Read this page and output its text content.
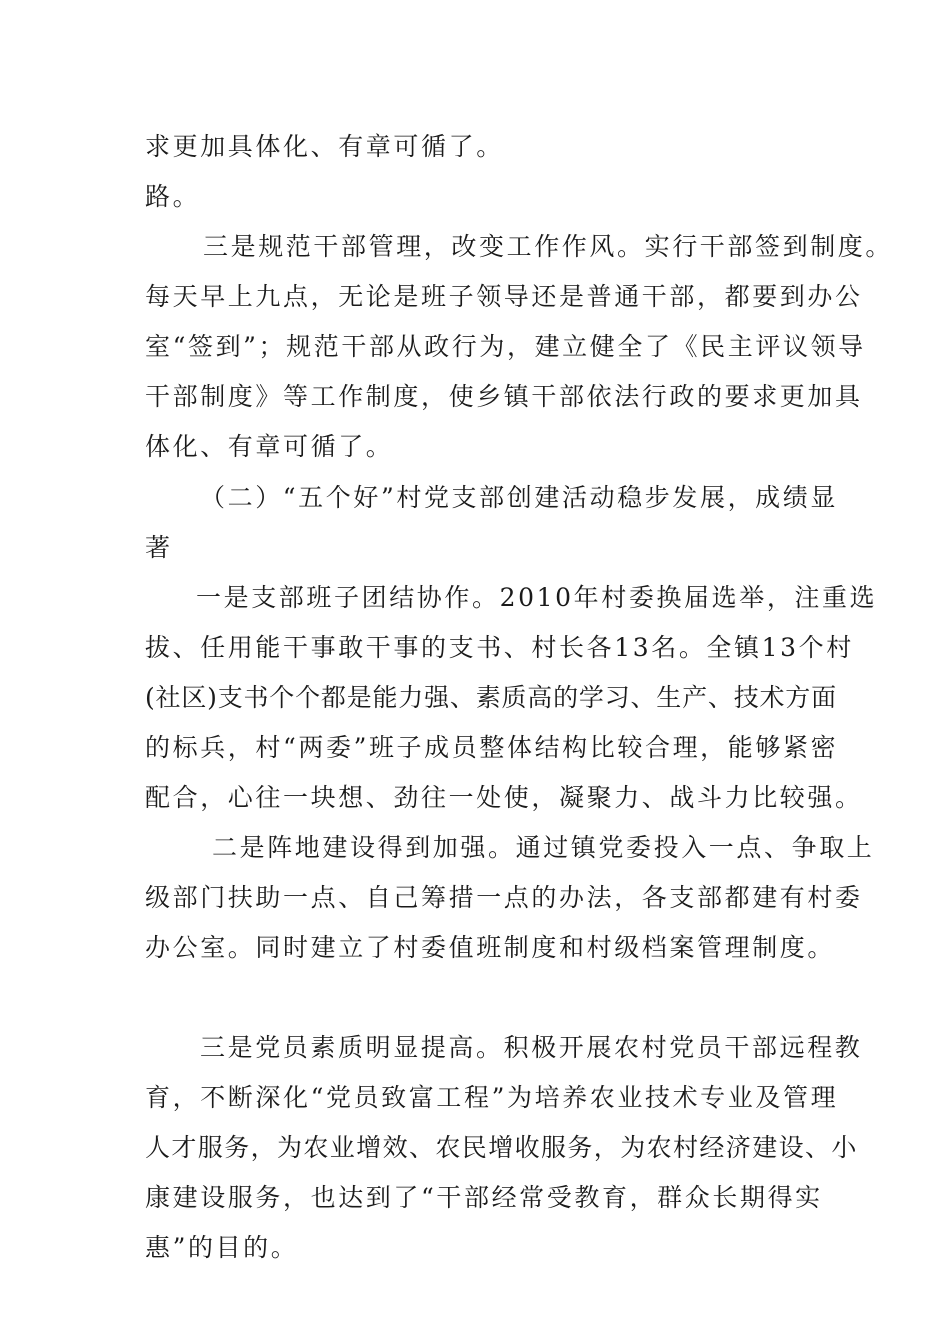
求更加具体化、有章可循了。
路。
三是规范干部管理，改变工作作风。实行干部签到制度。
每天早上九点，无论是班子领导还是普通干部，都要到办公
室“签到”；规范干部从政行为，建立健全了《民主评议领导
干部制度》等工作制度，使乡镇干部依法行政的要求更加具
体化、有章可循了。
（二）“五个好”村党支部创建活动稳步发展，成绩显
著
一是支部班子团结协作。2010年村委换届选举，注重选
拔、任用能干事敢干事的支书、村长各13名。全镇13个村
(社区)支书个个都是能力强、素质高的学习、生产、技术方面
的标兵，村“两委”班子成员整体结构比较合理，能够紧密
配合，心往一块想、劲往一处使，凝聚力、战斗力比较强。
二是阵地建设得到加强。通过镇党委投入一点、争取上
级部门扶助一点、自己筹措一点的办法，各支部都建有村委
办公室。同时建立了村委值班制度和村级档案管理制度。
三是党员素质明显提高。积极开展农村党员干部远程教
育，不断深化“党员致富工程”为培养农业技术专业及管理
人才服务，为农业增效、农民增收服务，为农村经济建设、小
康建设服务，也达到了“干部经常受教育，群众长期得实
惠”的目的。
